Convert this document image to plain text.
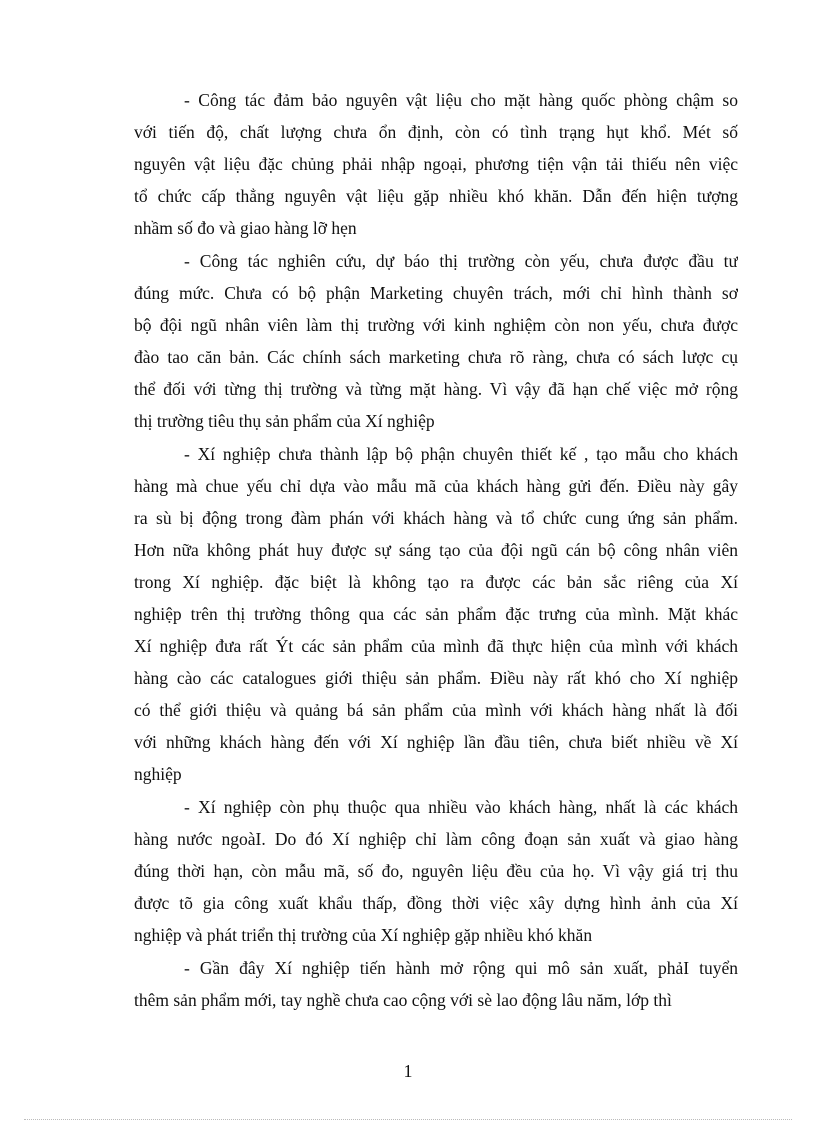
- Công tác đảm bảo nguyên vật liệu cho mặt hàng quốc phòng chậm so
với tiến độ, chất lượng chưa ổn định, còn có tình trạng hụt khổ. Mét số
nguyên vật liệu đặc chủng phải nhập ngoại, phương tiện vận tải thiếu nên việc
tổ chức cấp thẳng nguyên vật liệu gặp nhiều khó khăn. Dẫn đến hiện tượng
nhầm số đo và giao hàng lỡ hẹn
- Công tác nghiên cứu, dự báo thị trường còn yếu, chưa được đầu tư
đúng mức. Chưa có bộ phận Marketing chuyên trách, mới chỉ hình thành sơ
bộ đội ngũ nhân viên làm thị trường với kinh nghiệm còn non yếu, chưa được
đào tao căn bản. Các chính sách marketing chưa rõ ràng, chưa có sách lược cụ
thể đối với từng thị trường và từng mặt hàng. Vì vậy đã hạn chế việc mở rộng
thị trường tiêu thụ sản phẩm của Xí nghiệp
- Xí nghiệp chưa thành lập bộ phận chuyên thiết kế , tạo mẫu cho khách
hàng mà chue yếu chỉ dựa vào mẫu mã của khách hàng gửi đến. Điều này gây
ra sù bị động trong đàm phán với khách hàng và tổ chức cung ứng sản phẩm.
Hơn nữa không phát huy được sự sáng tạo của đội ngũ cán bộ công nhân viên
trong Xí nghiệp. đặc biệt là không tạo ra được các bản sắc riêng của Xí
nghiệp trên thị trường thông qua các sản phẩm đặc trưng của mình. Mặt khác
Xí nghiệp đưa rất Ýt các sản phẩm của mình đã thực hiện của mình với khách
hàng cào các catalogues giới thiệu sản phẩm. Điều này rất khó cho Xí nghiệp
có thể giới thiệu và quảng bá sản phẩm của mình với khách hàng nhất là đối
với những khách hàng đến với Xí nghiệp lần đầu tiên, chưa biết nhiều về Xí
nghiệp
- Xí nghiệp còn phụ thuộc qua nhiều vào khách hàng, nhất là các khách
hàng nước ngoàI. Do đó Xí nghiệp chỉ làm công đoạn sản xuất và giao hàng
đúng thời hạn, còn mẫu mã, số đo, nguyên liệu đều của họ. Vì vậy giá trị thu
được tõ gia công xuất khẩu thấp, đồng thời việc xây dựng hình ảnh của Xí
nghiệp và phát triển thị trường của Xí nghiệp gặp nhiều khó khăn
- Gần đây Xí nghiệp tiến hành mở rộng qui mô sản xuất, phảI tuyển
thêm sản phẩm mới, tay nghề chưa cao cộng với sè lao động lâu năm, lớp thì
1
